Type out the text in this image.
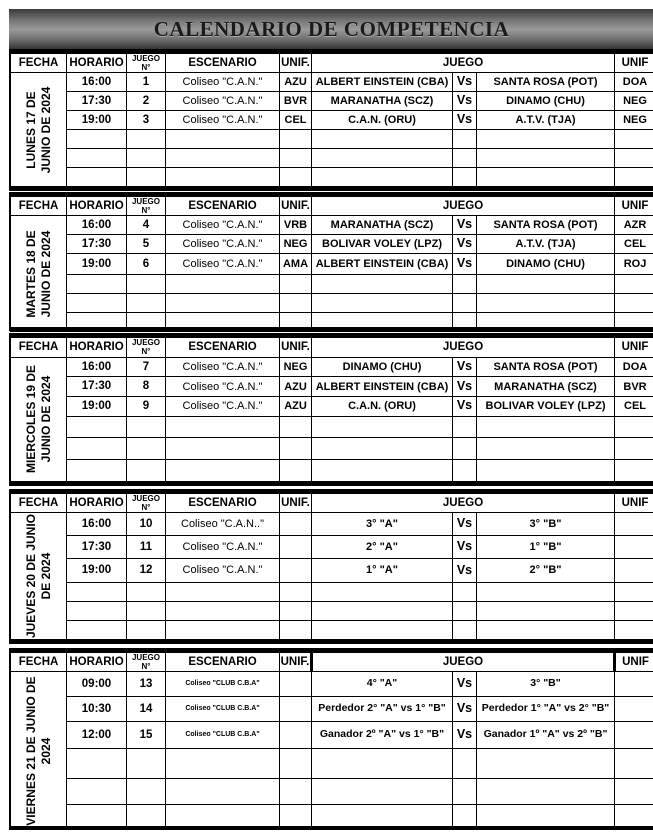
CALENDARIO DE COMPETENCIA
FECHA	HORARIO	JUEGO N°	ESCENARIO	UNIF.	JUEGO			UNIF

LUNES 17 DE
JUNIO DE 2024	16:00	1	Coliseo "C.A.N."	AZU	ALBERT EINSTEIN (CBA)	Vs	SANTA ROSA (POT)	DOA
	17:30	2	Coliseo "C.A.N."	BVR	MARANATHA (SCZ)	Vs	DINAMO (CHU)	NEG
	19:00	3	Coliseo "C.A.N."	CEL	C.A.N. (ORU)	Vs	A.T.V. (TJA)	NEG

FECHA	HORARIO	JUEGO N°	ESCENARIO	UNIF.	JUEGO			UNIF

MARTES 18 DE
JUNIO DE 2024	16:00	4	Coliseo "C.A.N."	VRB	MARANATHA (SCZ)	Vs	SANTA ROSA (POT)	AZR
	17:30	5	Coliseo "C.A.N."	NEG	BOLIVAR VOLEY (LPZ)	Vs	A.T.V. (TJA)	CEL
	19:00	6	Coliseo "C.A.N."	AMA	ALBERT EINSTEIN (CBA)	Vs	DINAMO (CHU)	ROJ

FECHA	HORARIO	JUEGO N°	ESCENARIO	UNIF.	JUEGO			UNIF

MIERCOLES 19 DE
JUNIO DE 2024	16:00	7	Coliseo "C.A.N."	NEG	DINAMO (CHU)	Vs	SANTA ROSA (POT)	DOA
	17:30	8	Coliseo "C.A.N."	AZU	ALBERT EINSTEIN (CBA)	Vs	MARANATHA (SCZ)	BVR
	19:00	9	Coliseo "C.A.N."	AZU	C.A.N. (ORU)	Vs	BOLIVAR VOLEY (LPZ)	CEL

FECHA	HORARIO	JUEGO N°	ESCENARIO	UNIF.	JUEGO			UNIF

JUEVES 20 DE JUNIO
DE 2024	16:00	10	Coliseo "C.A.N.."		3° "A"	Vs	3° "B"	
	17:30	11	Coliseo "C.A.N."		2° "A"	Vs	1° "B"	
	19:00	12	Coliseo "C.A.N."		1° "A"	Vs	2° "B"	

FECHA	HORARIO	JUEGO N°	ESCENARIO	UNIF.	JUEGO			UNIF

VIERNES 21 DE JUNIO DE
2024	09:00	13	Coliseo "CLUB C.B.A"		4° "A"	Vs	3° "B"	
	10:30	14	Coliseo "CLUB C.B.A"		Perdedor 2° "A" vs 1° "B"	Vs	Perdedor 1° "A" vs 2° "B"	
	12:00	15	Coliseo "CLUB C.B.A"		Ganador 2º "A" vs 1° "B"	Vs	Ganador 1º "A" vs 2º "B"	
